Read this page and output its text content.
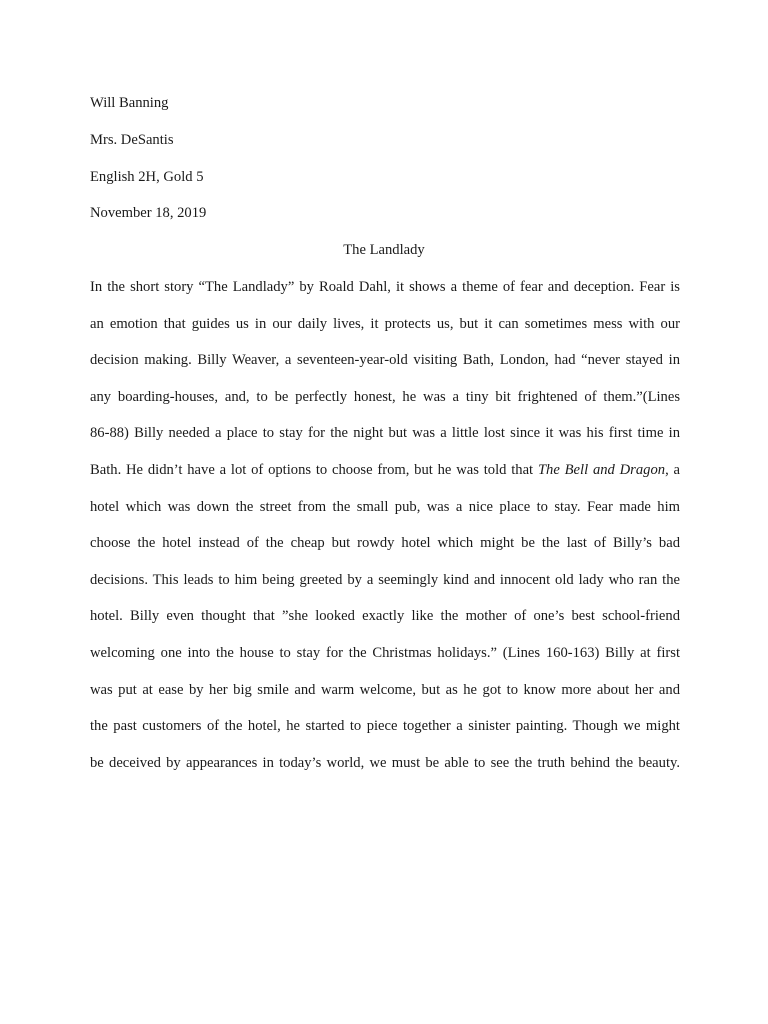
Will Banning
Mrs. DeSantis
English 2H, Gold 5
November 18, 2019
The Landlady
In the short story “The Landlady” by Roald Dahl, it shows a theme of fear and deception. Fear is
an emotion that guides us in our daily lives, it protects us, but it can sometimes mess with our
decision making. Billy Weaver, a seventeen-year-old visiting Bath, London, had “never stayed in
any boarding-houses, and, to be perfectly honest, he was a tiny bit frightened of them.”(Lines
86-88) Billy needed a place to stay for the night but was a little lost since it was his first time in
Bath. He didn’t have a lot of options to choose from, but he was told that The Bell and Dragon, a
hotel which was down the street from the small pub, was a nice place to stay. Fear made him
choose the hotel instead of the cheap but rowdy hotel which might be the last of Billy’s bad
decisions. This leads to him being greeted by a seemingly kind and innocent old lady who ran the
hotel. Billy even thought that ”she looked exactly like the mother of one’s best school-friend
welcoming one into the house to stay for the Christmas holidays.” (Lines 160-163) Billy at first
was put at ease by her big smile and warm welcome, but as he got to know more about her and
the past customers of the hotel, he started to piece together a sinister painting. Though we might
be deceived by appearances in today’s world, we must be able to see the truth behind the beauty.
